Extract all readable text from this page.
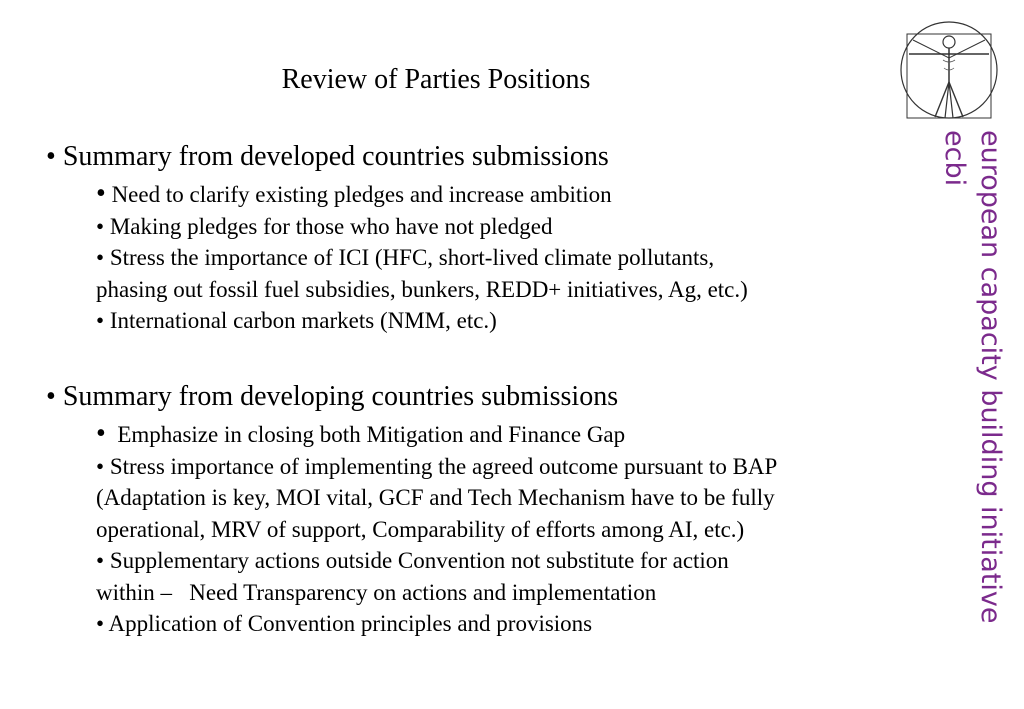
Review of Parties Positions
• Summary from developed countries submissions
• Need to clarify existing pledges and increase ambition
• Making pledges for those who have not pledged
• Stress the importance of ICI (HFC, short-lived climate pollutants,
phasing out fossil fuel subsidies, bunkers, REDD+ initiatives, Ag, etc.)
• International carbon markets (NMM, etc.)
• Summary from developing countries submissions
• Emphasize in closing both Mitigation and Finance Gap
• Stress importance of implementing the agreed outcome pursuant to BAP
(Adaptation is key, MOI vital, GCF and Tech Mechanism have to be fully
operational, MRV of support, Comparability of efforts among AI, etc.)
• Supplementary actions outside Convention not substitute for action
within –   Need Transparency on actions and implementation
• Application of Convention principles and provisions
european capacity building initiative
ecbi
